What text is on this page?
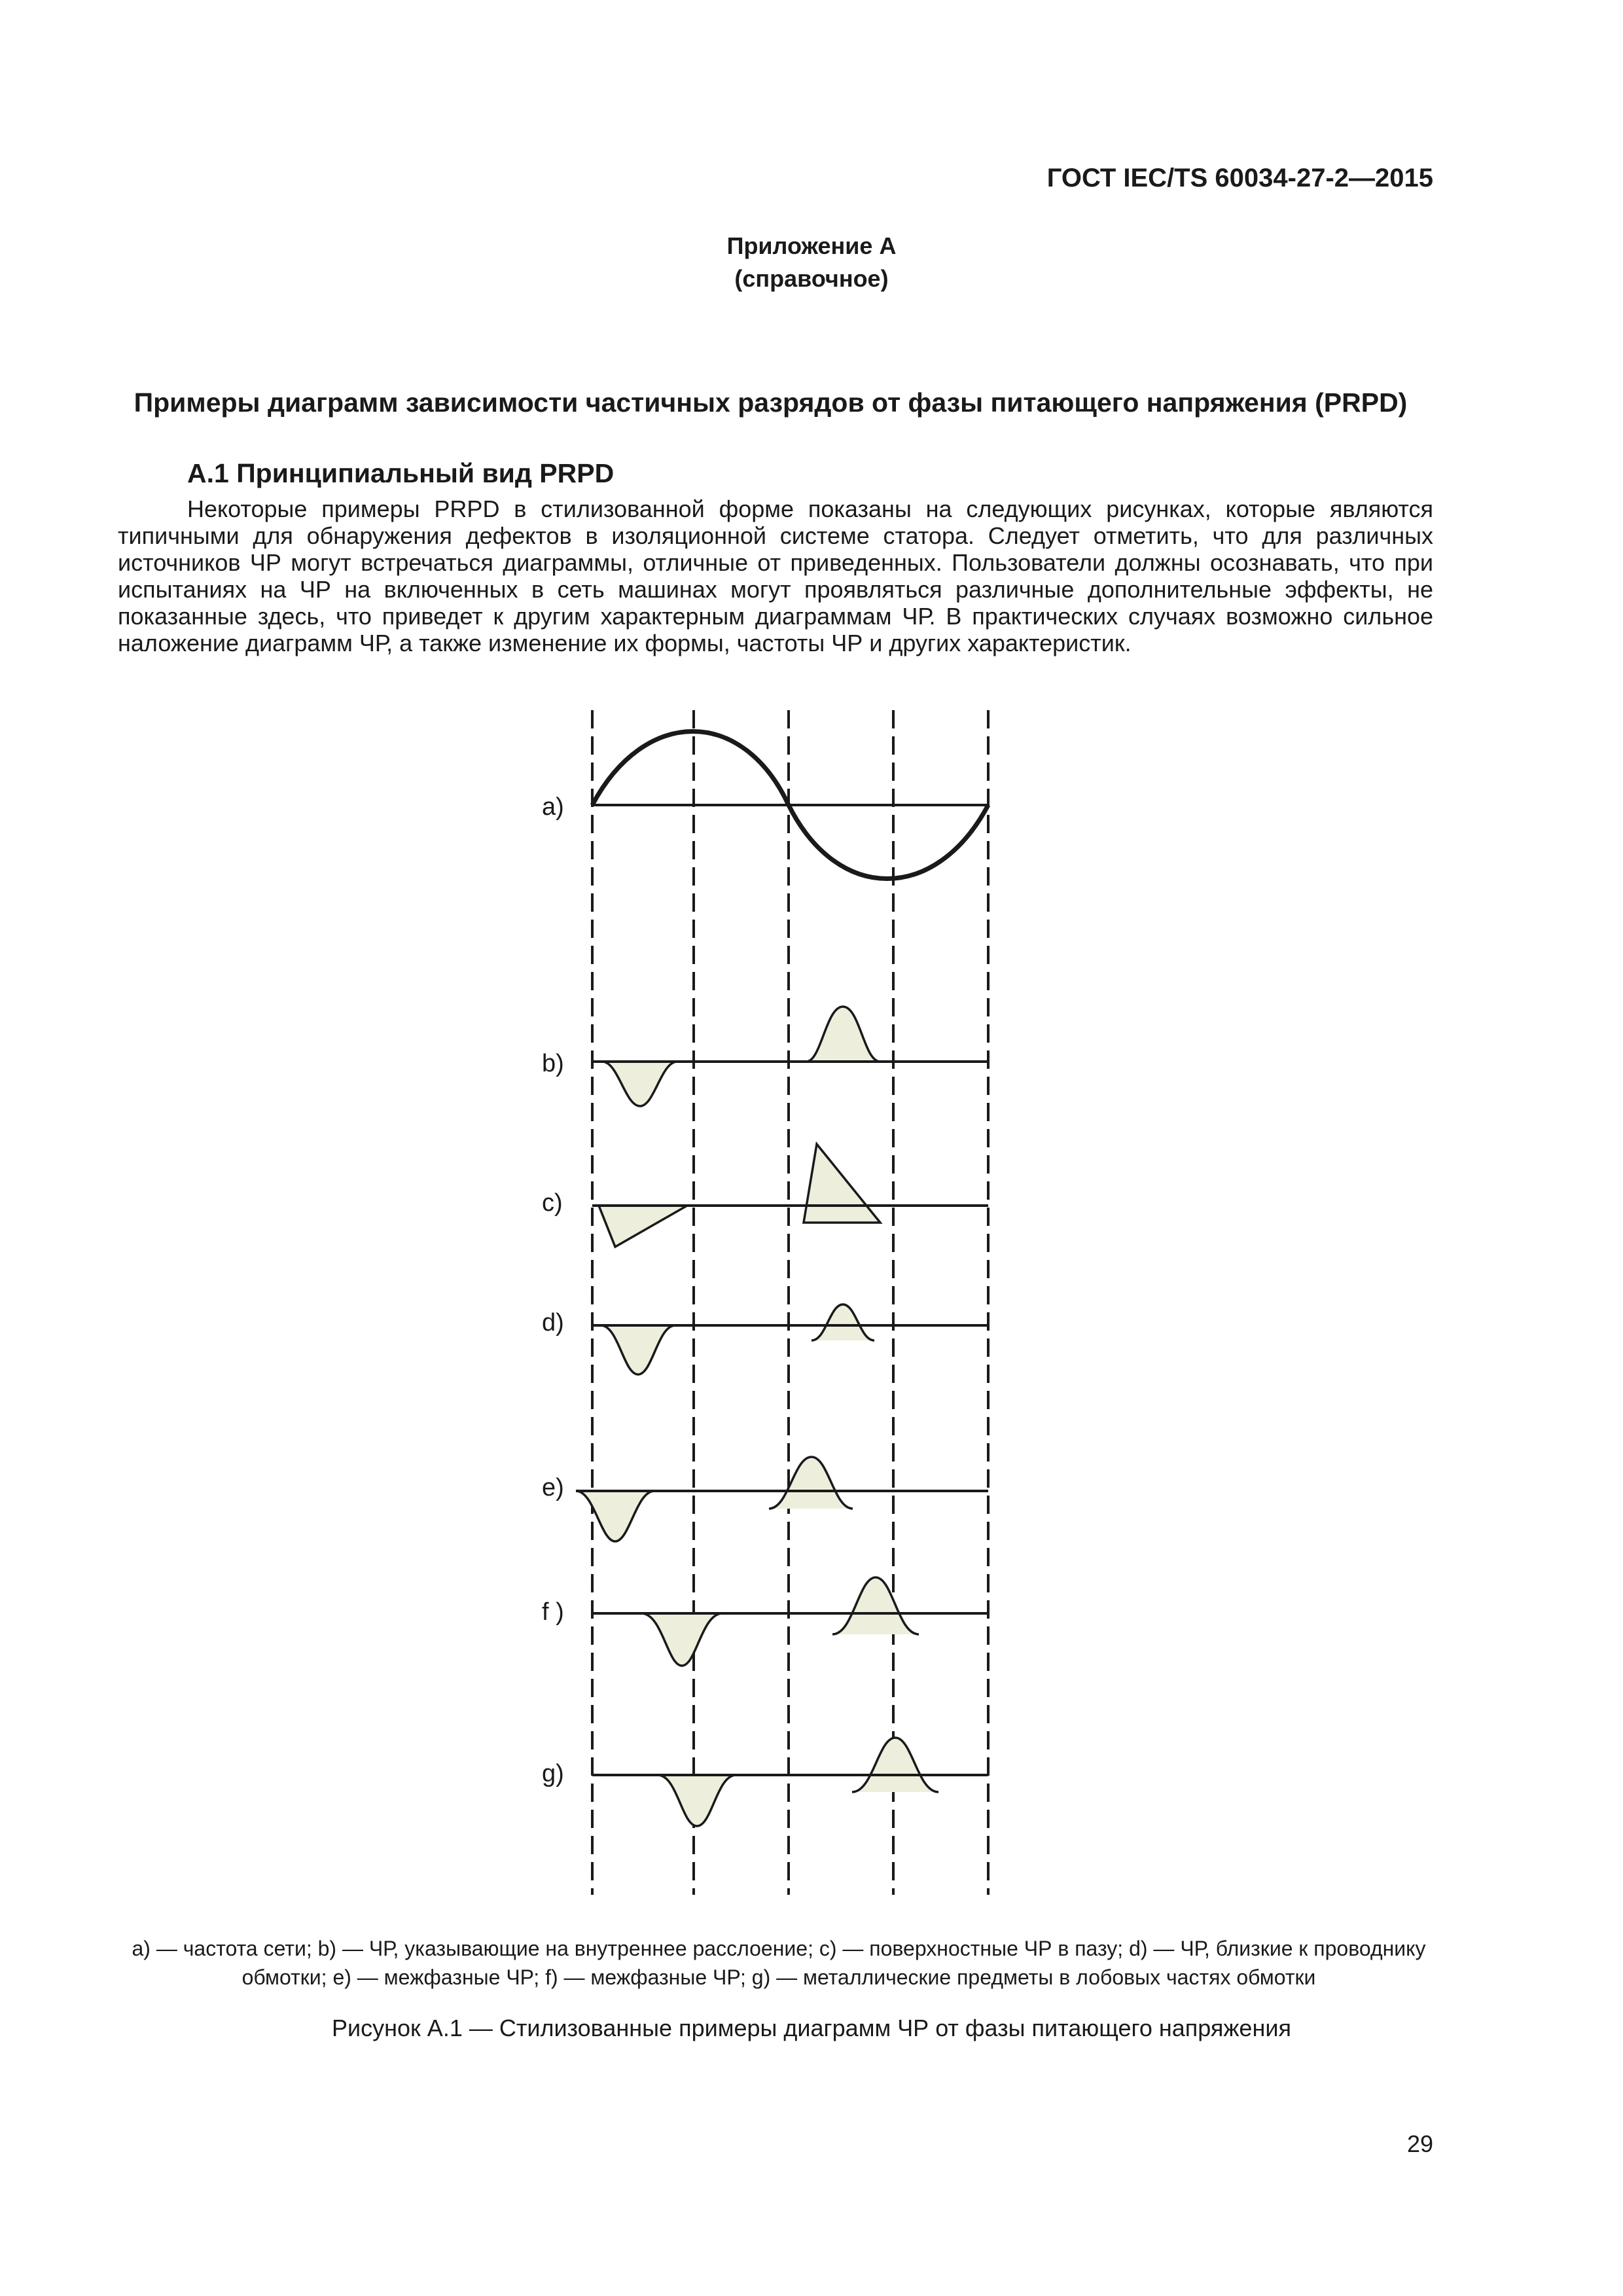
ГОСТ IEC/TS 60034-27-2—2015
Приложение А
(справочное)
Примеры диаграмм зависимости частичных разрядов от фазы питающего напряжения (PRPD)
А.1 Принципиальный вид PRPD

Некоторые примеры PRPD в стилизованной форме показаны на следующих рисунках, которые являются типичными для обнаружения дефектов в изоляционной системе статора. Следует отметить, что для различных источников ЧР могут встречаться диаграммы, отличные от приведенных. Пользователи должны осознавать, что при испытаниях на ЧР на включенных в сеть машинах могут проявляться различные дополнительные эффекты, не показанные здесь, что приведет к другим характерным диаграммам ЧР. В практических случаях возможно сильное наложение диаграмм ЧР, а также изменение их формы, частоты ЧР и других характеристик.

a)
b)
c)
d)
e)
f )
g)
a) — частота сети; b) — ЧР, указывающие на внутреннее расслоение; c) — поверхностные ЧР в пазу; d) — ЧР, близкие к проводнику обмотки; e) — межфазные ЧР; f) — межфазные ЧР; g) — металлические предметы в лобовых частях обмотки
Рисунок А.1 — Стилизованные примеры диаграмм ЧР от фазы питающего напряжения
29
